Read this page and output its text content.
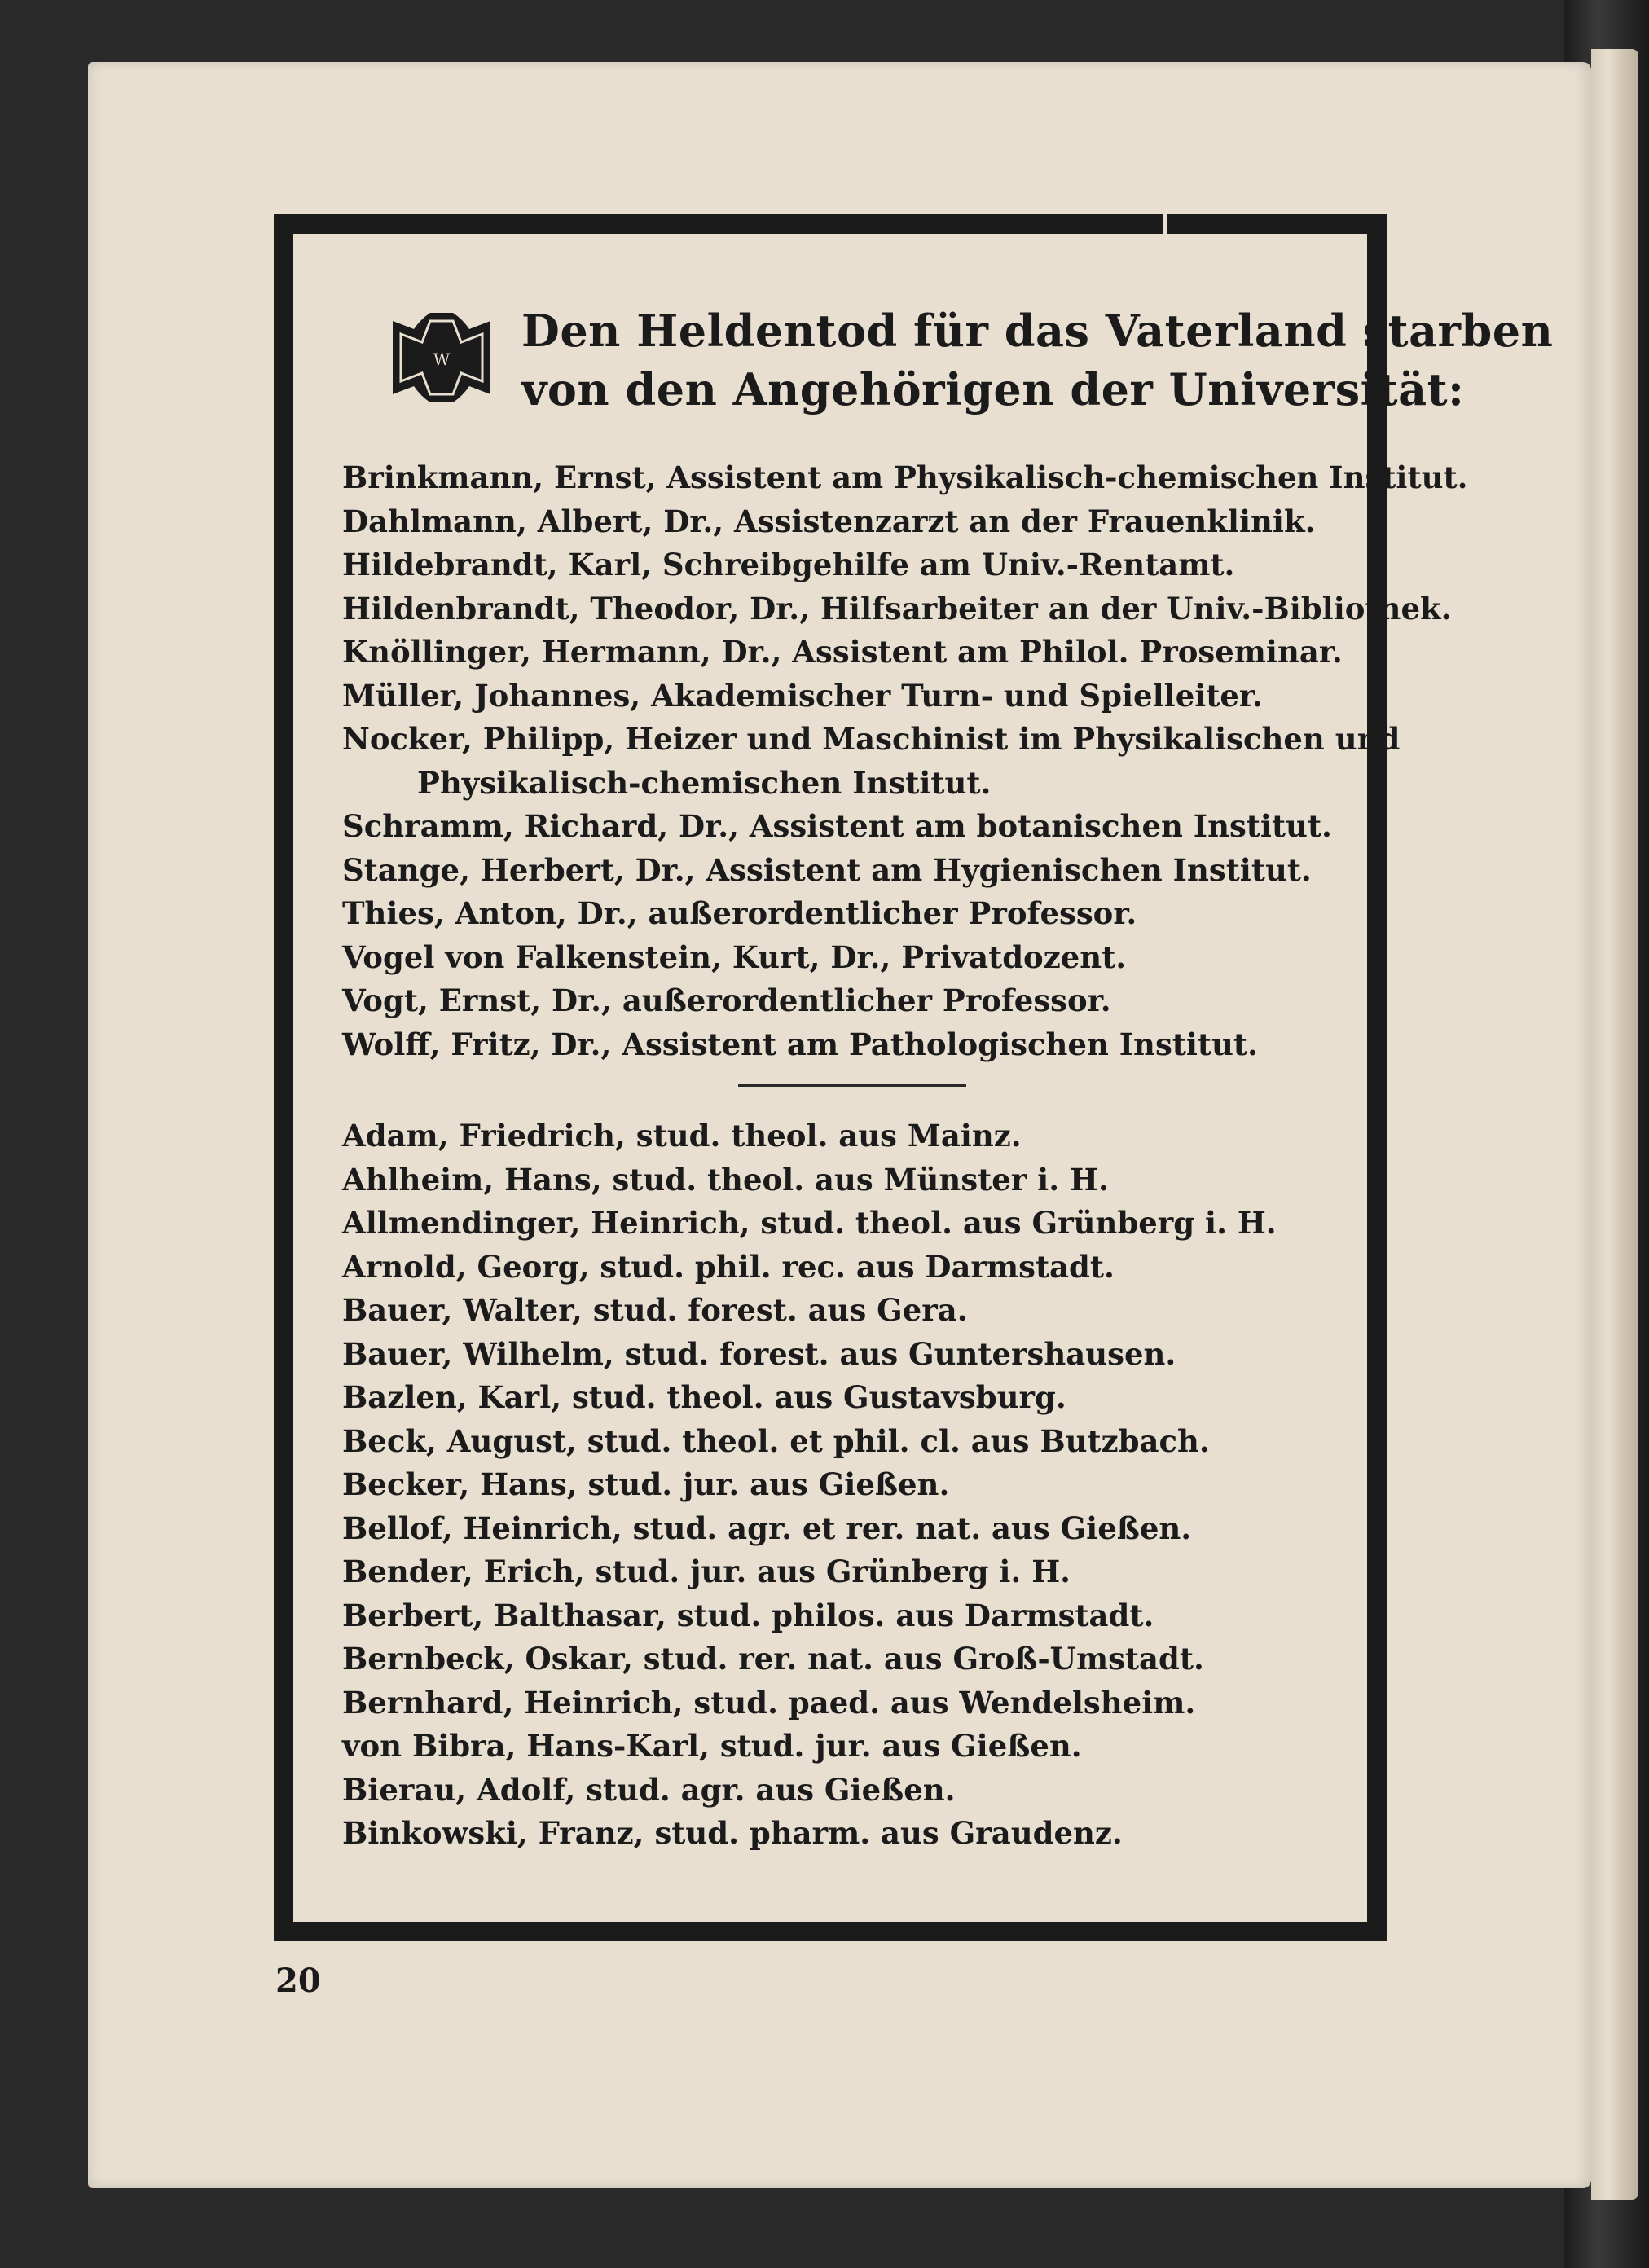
W
Den Heldentod für das Vaterland starben
von den Angehörigen der Universität:
Brinkmann, Ernst, Assistent am Physikalisch-chemischen Institut.
Dahlmann, Albert, Dr., Assistenzarzt an der Frauenklinik.
Hildebrandt, Karl, Schreibgehilfe am Univ.-Rentamt.
Hildenbrandt, Theodor, Dr., Hilfsarbeiter an der Univ.-Bibliothek.
Knöllinger, Hermann, Dr., Assistent am Philol. Proseminar.
Müller, Johannes, Akademischer Turn- und Spielleiter.
Nocker, Philipp, Heizer und Maschinist im Physikalischen und
Physikalisch-chemischen Institut.
Schramm, Richard, Dr., Assistent am botanischen Institut.
Stange, Herbert, Dr., Assistent am Hygienischen Institut.
Thies, Anton, Dr., außerordentlicher Professor.
Vogel von Falkenstein, Kurt, Dr., Privatdozent.
Vogt, Ernst, Dr., außerordentlicher Professor.
Wolff, Fritz, Dr., Assistent am Pathologischen Institut.
Adam, Friedrich, stud. theol. aus Mainz.
Ahlheim, Hans, stud. theol. aus Münster i. H.
Allmendinger, Heinrich, stud. theol. aus Grünberg i. H.
Arnold, Georg, stud. phil. rec. aus Darmstadt.
Bauer, Walter, stud. forest. aus Gera.
Bauer, Wilhelm, stud. forest. aus Guntershausen.
Bazlen, Karl, stud. theol. aus Gustavsburg.
Beck, August, stud. theol. et phil. cl. aus Butzbach.
Becker, Hans, stud. jur. aus Gießen.
Bellof, Heinrich, stud. agr. et rer. nat. aus Gießen.
Bender, Erich, stud. jur. aus Grünberg i. H.
Berbert, Balthasar, stud. philos. aus Darmstadt.
Bernbeck, Oskar, stud. rer. nat. aus Groß-Umstadt.
Bernhard, Heinrich, stud. paed. aus Wendelsheim.
von Bibra, Hans-Karl, stud. jur. aus Gießen.
Bierau, Adolf, stud. agr. aus Gießen.
Binkowski, Franz, stud. pharm. aus Graudenz.
20
